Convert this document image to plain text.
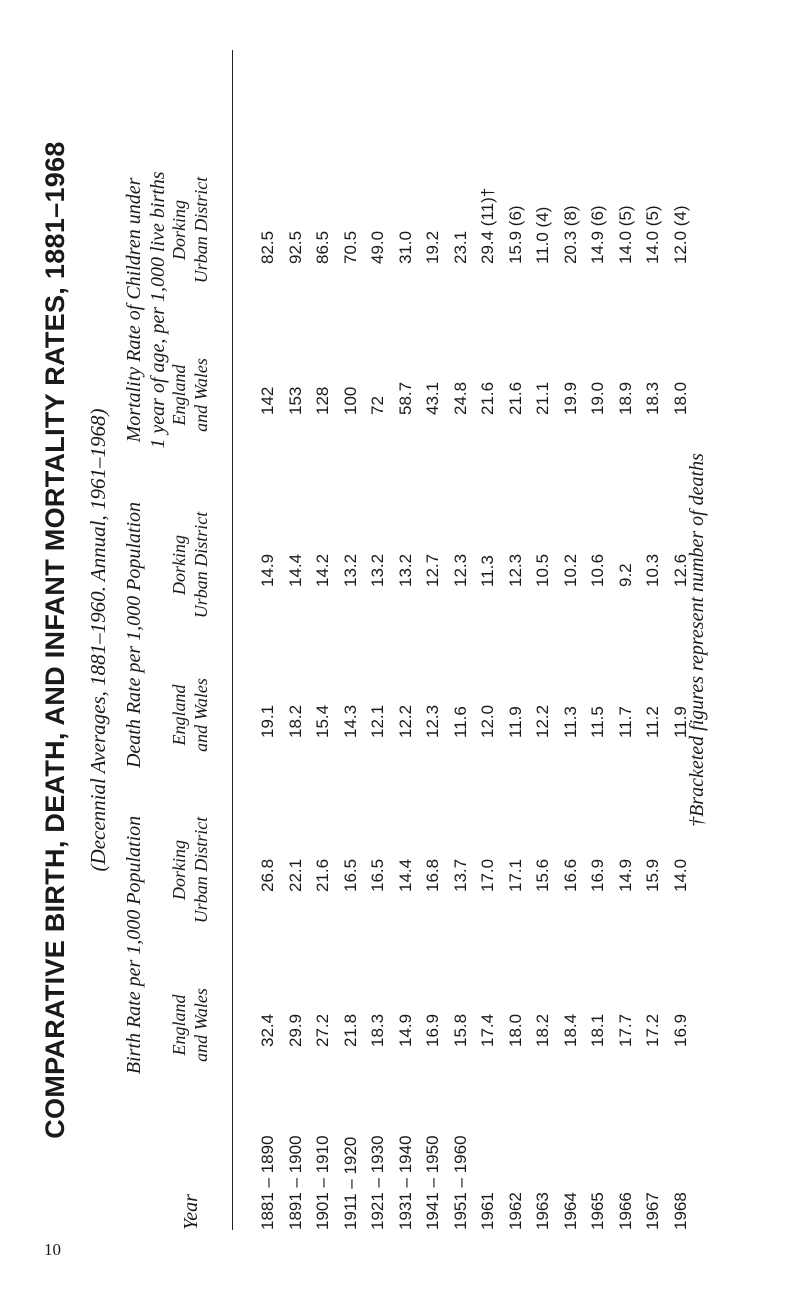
10
COMPARATIVE BIRTH, DEATH, AND INFANT MORTALITY RATES, 1881–1968 (Decennial Averages, 1881–1960. Annual, 1961–1968)
Year
Birth Rate per 1,000 Population
Death Rate per 1,000 Population
Mortality Rate of Children under 1 year of age, per 1,000 live births
England and Wales
Dorking Urban District
England and Wales
Dorking Urban District
England and Wales
Dorking Urban District
1881 – 1890
32.4
26.8
19.1
14.9
142
82.5
1891 – 1900
29.9
22.1
18.2
14.4
153
92.5
1901 – 1910
27.2
21.6
15.4
14.2
128
86.5
1911 – 1920
21.8
16.5
14.3
13.2
100
70.5
1921 – 1930
18.3
16.5
12.1
13.2
72
49.0
1931 – 1940
14.9
14.4
12.2
13.2
58.7
31.0
1941 – 1950
16.9
16.8
12.3
12.7
43.1
19.2
1951 – 1960
15.8
13.7
11.6
12.3
24.8
23.1
1961
17.4
17.0
12.0
11.3
21.6
29.4 (11)†
1962
18.0
17.1
11.9
12.3
21.6
15.9 (6)
1963
18.2
15.6
12.2
10.5
21.1
11.0 (4)
1964
18.4
16.6
11.3
10.2
19.9
20.3 (8)
1965
18.1
16.9
11.5
10.6
19.0
14.9 (6)
1966
17.7
14.9
11.7
9.2
18.9
14.0 (5)
1967
17.2
15.9
11.2
10.3
18.3
14.0 (5)
1968
16.9
14.0
11.9
12.6
18.0
12.0 (4)
†Bracketed figures represent number of deaths
